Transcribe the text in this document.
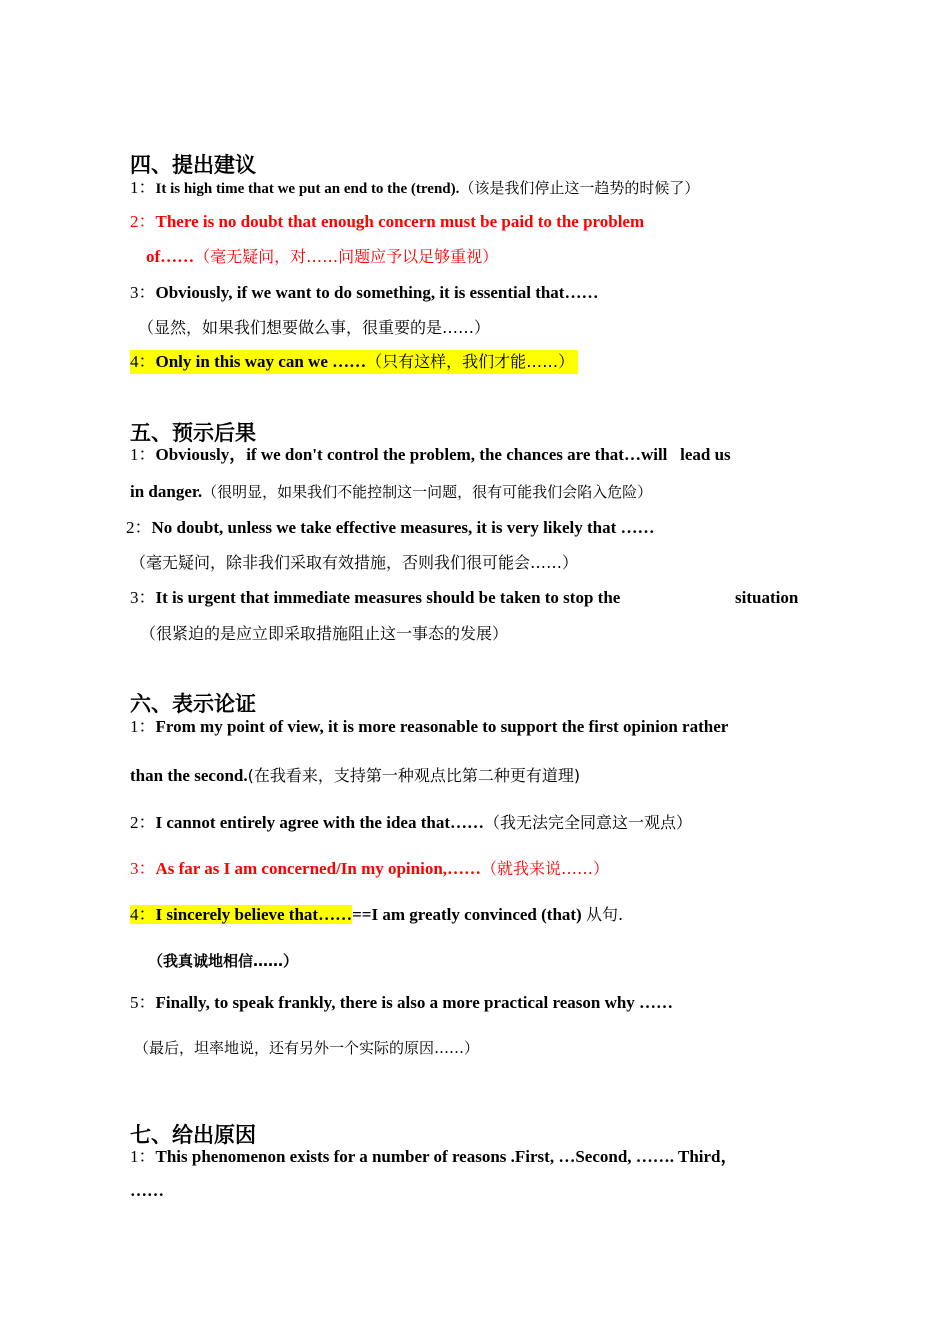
四、提出建议
1：It is high time that we put an end to the (trend).（该是我们停止这一趋势的时候了）
2：There is no doubt that enough concern must be paid to the problem
of……（毫无疑问，对……问题应予以足够重视）
3：Obviously, if we want to do something, it is essential that……
（显然，如果我们想要做么事，很重要的是……）
4：Only in this way can we ……（只有这样，我们才能……）
五、预示后果
1：Obviously，if we don't control the problem, the chances are that…will   lead us
in danger.（很明显，如果我们不能控制这一问题，很有可能我们会陷入危险）
2：No doubt, unless we take effective measures, it is very likely that ……
（毫无疑问，除非我们采取有效措施，否则我们很可能会……）
3：It is urgent that immediate measures should be taken to stop the	situation
（很紧迫的是应立即采取措施阻止这一事态的发展）
六、表示论证
1：From my point of view, it is more reasonable to support the first opinion rather
than the second.(在我看来，支持第一种观点比第二种更有道理)
2：I cannot entirely agree with the idea that……（我无法完全同意这一观点）
3：As far as I am concerned/In my opinion,……（就我来说……）
4：I sincerely believe that……==I am greatly convinced (that) 从句.
（我真诚地相信……）
5：Finally, to speak frankly, there is also a more practical reason why ……
（最后，坦率地说，还有另外一个实际的原因……）
七、给出原因
1：This phenomenon exists for a number of reasons .First, …Second, ……. Third，
……
